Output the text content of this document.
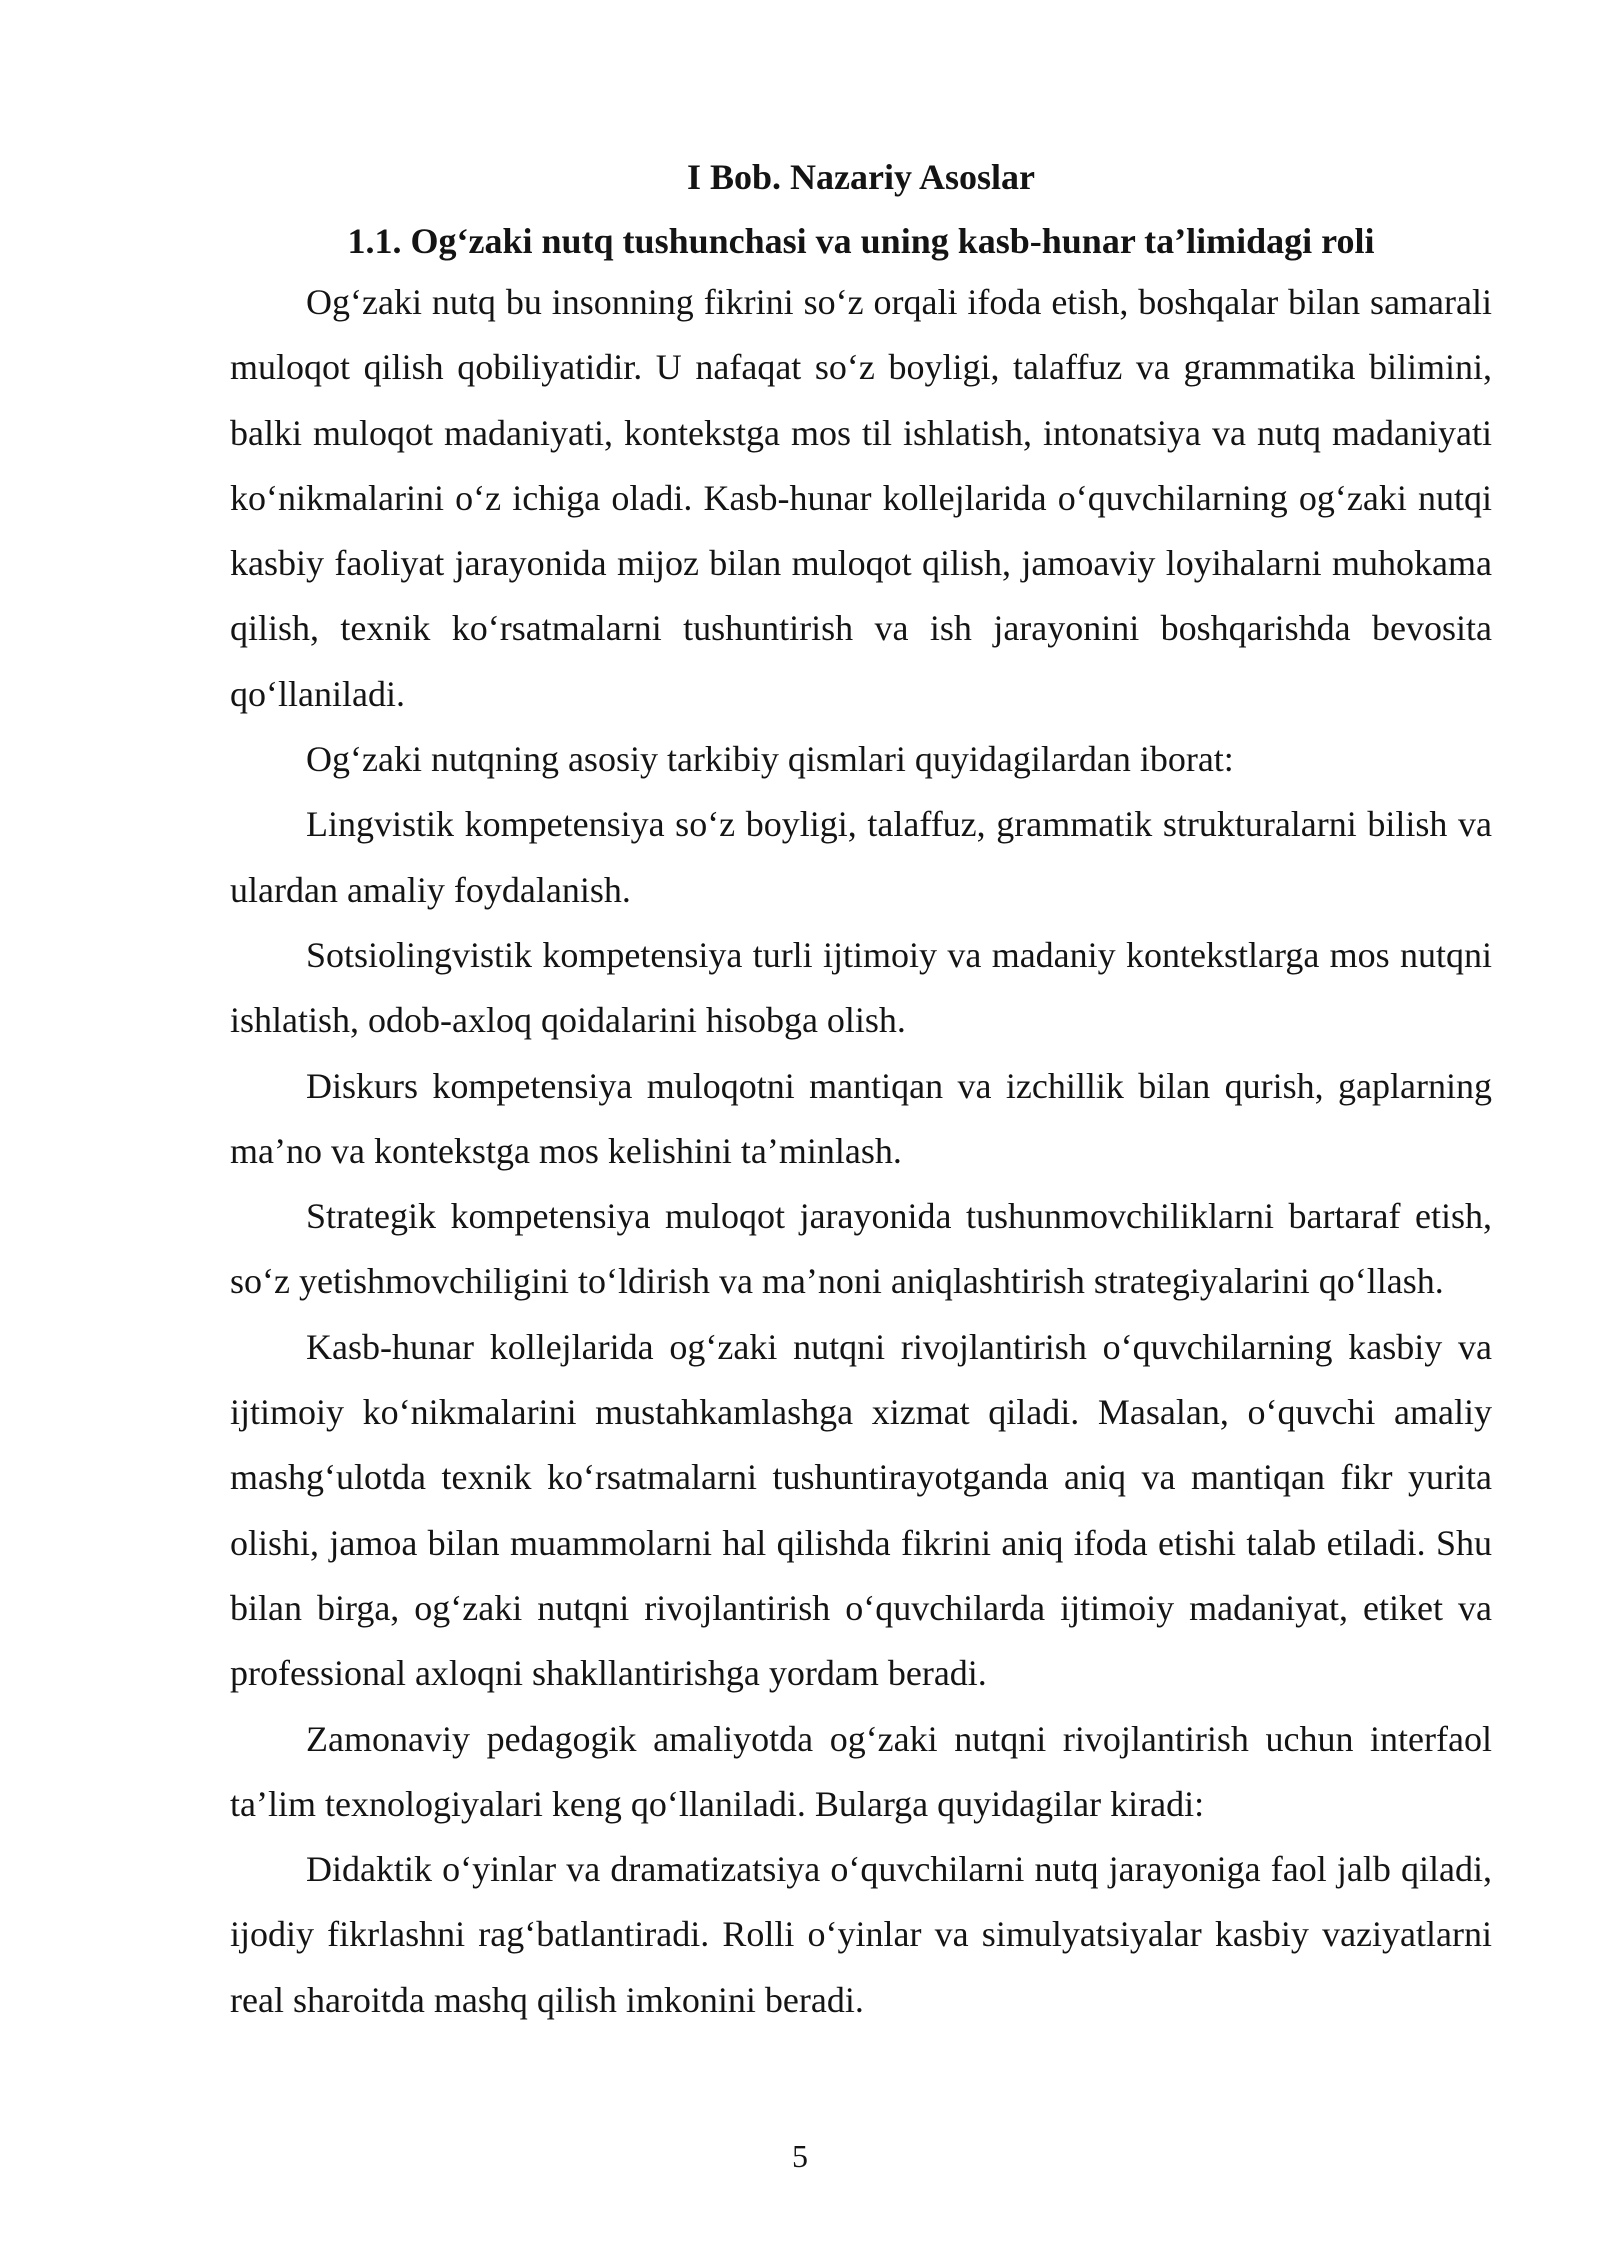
I Bob. Nazariy Asoslar
1.1. Og‘zaki nutq tushunchasi va uning kasb-hunar ta’limidagi roli

Og‘zaki nutq bu insonning fikrini so‘z orqali ifoda etish, boshqalar bilan samarali muloqot qilish qobiliyatidir. U nafaqat so‘z boyligi, talaffuz va grammatika bilimini, balki muloqot madaniyati, kontekstga mos til ishlatish, intonatsiya va nutq madaniyati ko‘nikmalarini o‘z ichiga oladi. Kasb-hunar kollejlarida o‘quvchilarning og‘zaki nutqi kasbiy faoliyat jarayonida mijoz bilan muloqot qilish, jamoaviy loyihalarni muhokama qilish, texnik ko‘rsatmalarni tushuntirish va ish jarayonini boshqarishda bevosita qo‘llaniladi.

Og‘zaki nutqning asosiy tarkibiy qismlari quyidagilardan iborat:

Lingvistik kompetensiya so‘z boyligi, talaffuz, grammatik strukturalarni bilish va ulardan amaliy foydalanish.

Sotsiolingvistik kompetensiya turli ijtimoiy va madaniy kontekstlarga mos nutqni ishlatish, odob-axloq qoidalarini hisobga olish.

Diskurs kompetensiya muloqotni mantiqan va izchillik bilan qurish, gaplarning ma’no va kontekstga mos kelishini ta’minlash.

Strategik kompetensiya muloqot jarayonida tushunmovchiliklarni bartaraf etish, so‘z yetishmovchiligini to‘ldirish va ma’noni aniqlashtirish strategiyalarini qo‘llash.

Kasb-hunar kollejlarida og‘zaki nutqni rivojlantirish o‘quvchilarning kasbiy va ijtimoiy ko‘nikmalarini mustahkamlashga xizmat qiladi. Masalan, o‘quvchi amaliy mashg‘ulotda texnik ko‘rsatmalarni tushuntirayotganda aniq va mantiqan fikr yurita olishi, jamoa bilan muammolarni hal qilishda fikrini aniq ifoda etishi talab etiladi. Shu bilan birga, og‘zaki nutqni rivojlantirish o‘quvchilarda ijtimoiy madaniyat, etiket va professional axloqni shakllantirishga yordam beradi.

Zamonaviy pedagogik amaliyotda og‘zaki nutqni rivojlantirish uchun interfaol ta’lim texnologiyalari keng qo‘llaniladi. Bularga quyidagilar kiradi:

Didaktik o‘yinlar va dramatizatsiya o‘quvchilarni nutq jarayoniga faol jalb qiladi, ijodiy fikrlashni rag‘batlantiradi. Rolli o‘yinlar va simulyatsiyalar kasbiy vaziyatlarni real sharoitda mashq qilish imkonini beradi.

5
